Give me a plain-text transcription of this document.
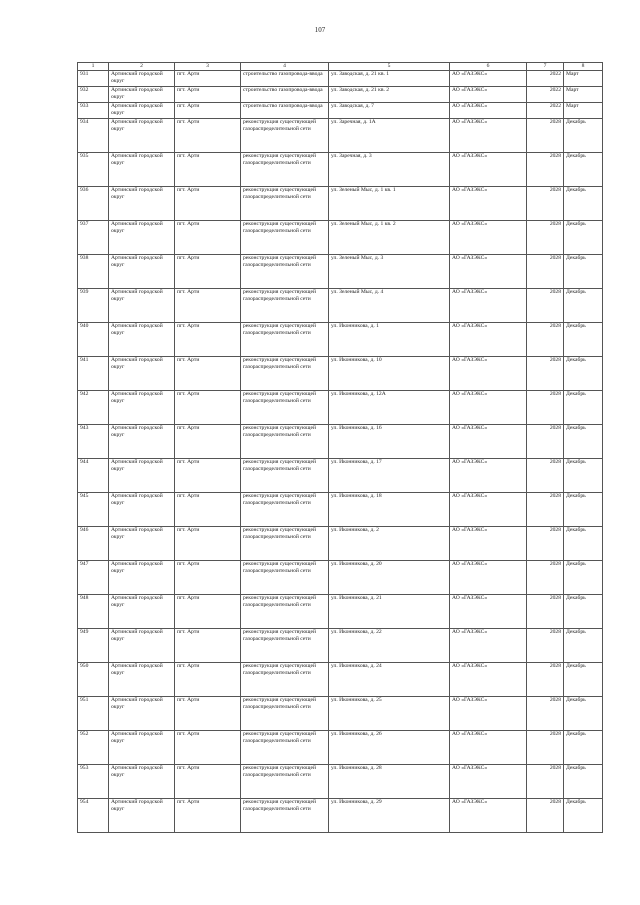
107
1	2	3	4	5	6	7	8
931	Артинский городской округ	пгт. Арти	строительство газопровода-ввода	ул. Заводская, д. 21 кв. 1	АО «ГАЗЭКС»	2022	Март
932	Артинский городской округ	пгт. Арти	строительство газопровода-ввода	ул. Заводская, д. 21 кв. 2	АО «ГАЗЭКС»	2022	Март
933	Артинский городской округ	пгт. Арти	строительство газопровода-ввода	ул. Заводская, д. 7	АО «ГАЗЭКС»	2022	Март
934	Артинский городской округ	пгт. Арти	реконструкция существующей газораспределительной сети	ул. Заречная, д. 1А	АО «ГАЗЭКС»	2028	Декабрь
935	Артинский городской округ	пгт. Арти	реконструкция существующей газораспределительной сети	ул. Заречная, д. 3	АО «ГАЗЭКС»	2028	Декабрь
936	Артинский городской округ	пгт. Арти	реконструкция существующей газораспределительной сети	ул. Зеленый Мыс, д. 1 кв. 1	АО «ГАЗЭКС»	2028	Декабрь
937	Артинский городской округ	пгт. Арти	реконструкция существующей газораспределительной сети	ул. Зеленый Мыс, д. 1 кв. 2	АО «ГАЗЭКС»	2028	Декабрь
938	Артинский городской округ	пгт. Арти	реконструкция существующей газораспределительной сети	ул. Зеленый Мыс, д. 3	АО «ГАЗЭКС»	2028	Декабрь
939	Артинский городской округ	пгт. Арти	реконструкция существующей газораспределительной сети	ул. Зеленый Мыс, д. 4	АО «ГАЗЭКС»	2028	Декабрь
940	Артинский городской округ	пгт. Арти	реконструкция существующей газораспределительной сети	ул. Иконникова, д. 1	АО «ГАЗЭКС»	2028	Декабрь
941	Артинский городской округ	пгт. Арти	реконструкция существующей газораспределительной сети	ул. Иконникова, д. 10	АО «ГАЗЭКС»	2028	Декабрь
942	Артинский городской округ	пгт. Арти	реконструкция существующей газораспределительной сети	ул. Иконникова, д. 12А	АО «ГАЗЭКС»	2028	Декабрь
943	Артинский городской округ	пгт. Арти	реконструкция существующей газораспределительной сети	ул. Иконникова, д. 16	АО «ГАЗЭКС»	2028	Декабрь
944	Артинский городской округ	пгт. Арти	реконструкция существующей газораспределительной сети	ул. Иконникова, д. 17	АО «ГАЗЭКС»	2028	Декабрь
945	Артинский городской округ	пгт. Арти	реконструкция существующей газораспределительной сети	ул. Иконникова, д. 18	АО «ГАЗЭКС»	2028	Декабрь
946	Артинский городской округ	пгт. Арти	реконструкция существующей газораспределительной сети	ул. Иконникова, д. 2	АО «ГАЗЭКС»	2028	Декабрь
947	Артинский городской округ	пгт. Арти	реконструкция существующей газораспределительной сети	ул. Иконникова, д. 20	АО «ГАЗЭКС»	2028	Декабрь
948	Артинский городской округ	пгт. Арти	реконструкция существующей газораспределительной сети	ул. Иконникова, д. 21	АО «ГАЗЭКС»	2028	Декабрь
949	Артинский городской округ	пгт. Арти	реконструкция существующей газораспределительной сети	ул. Иконникова, д. 22	АО «ГАЗЭКС»	2028	Декабрь
950	Артинский городской округ	пгт. Арти	реконструкция существующей газораспределительной сети	ул. Иконникова, д. 24	АО «ГАЗЭКС»	2028	Декабрь
951	Артинский городской округ	пгт. Арти	реконструкция существующей газораспределительной сети	ул. Иконникова, д. 25	АО «ГАЗЭКС»	2028	Декабрь
952	Артинский городской округ	пгт. Арти	реконструкция существующей газораспределительной сети	ул. Иконникова, д. 26	АО «ГАЗЭКС»	2028	Декабрь
953	Артинский городской округ	пгт. Арти	реконструкция существующей газораспределительной сети	ул. Иконникова, д. 28	АО «ГАЗЭКС»	2028	Декабрь
954	Артинский городской округ	пгт. Арти	реконструкция существующей газораспределительной сети	ул. Иконникова, д. 29	АО «ГАЗЭКС»	2028	Декабрь
